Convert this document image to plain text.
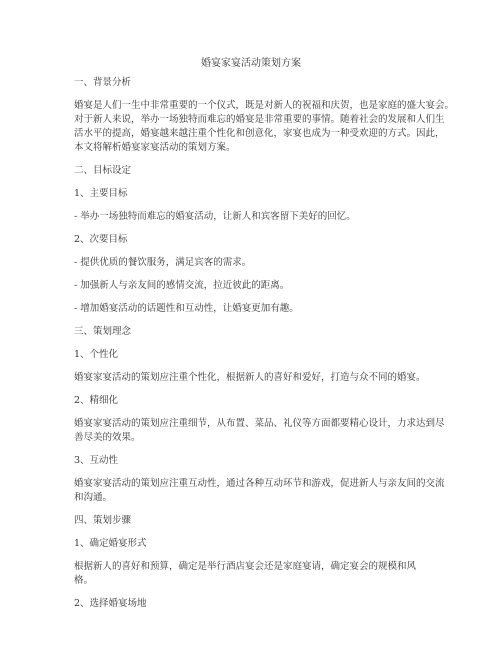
婚宴家宴活动策划方案
一、背景分析
婚宴是人们一生中非常重要的一个仪式，既是对新人的祝福和庆贺，也是家庭的盛大宴会。
对于新人来说，举办一场独特而难忘的婚宴是非常重要的事情。随着社会的发展和人们生
活水平的提高，婚宴越来越注重个性化和创意化，家宴也成为一种受欢迎的方式。因此，
本文将解析婚宴家宴活动的策划方案。
二、目标设定
1、主要目标
- 举办一场独特而难忘的婚宴活动，让新人和宾客留下美好的回忆。
2、次要目标
- 提供优质的餐饮服务，满足宾客的需求。
- 加强新人与亲友间的感情交流，拉近彼此的距离。
- 增加婚宴活动的话题性和互动性，让婚宴更加有趣。
三、策划理念
1、个性化
婚宴家宴活动的策划应注重个性化，根据新人的喜好和爱好，打造与众不同的婚宴。
2、精细化
婚宴家宴活动的策划应注重细节，从布置、菜品、礼仪等方面都要精心设计，力求达到尽
善尽美的效果。
3、互动性
婚宴家宴活动的策划应注重互动性，通过各种互动环节和游戏，促进新人与亲友间的交流
和沟通。
四、策划步骤
1、确定婚宴形式
根据新人的喜好和预算，确定是举行酒店宴会还是家庭宴请，确定宴会的规模和风格。
2、选择婚宴场地
